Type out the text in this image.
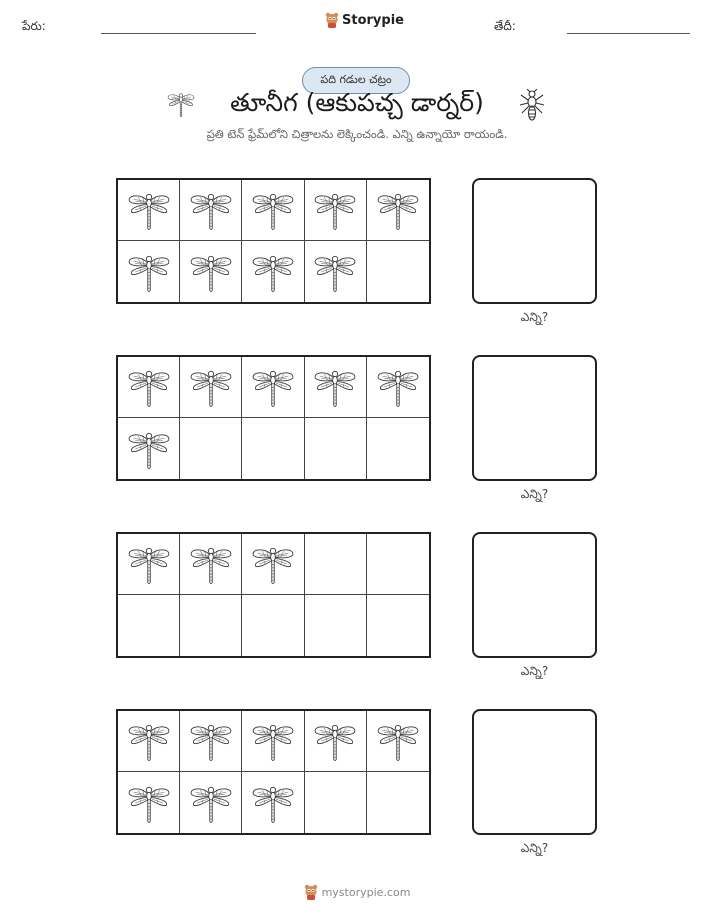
పేరు:	Storypie	తేదీ:
పది గడుల చట్రం
తూనీగ (ఆకుపచ్చ డార్నర్)
ప్రతి టెన్ ఫ్రేమ్‌లోని చిత్రాలను లెక్కించండి. ఎన్ని ఉన్నాయో రాయండి.
ఎన్ని?
ఎన్ని?
ఎన్ని?
ఎన్ని?
mystorypie.com
